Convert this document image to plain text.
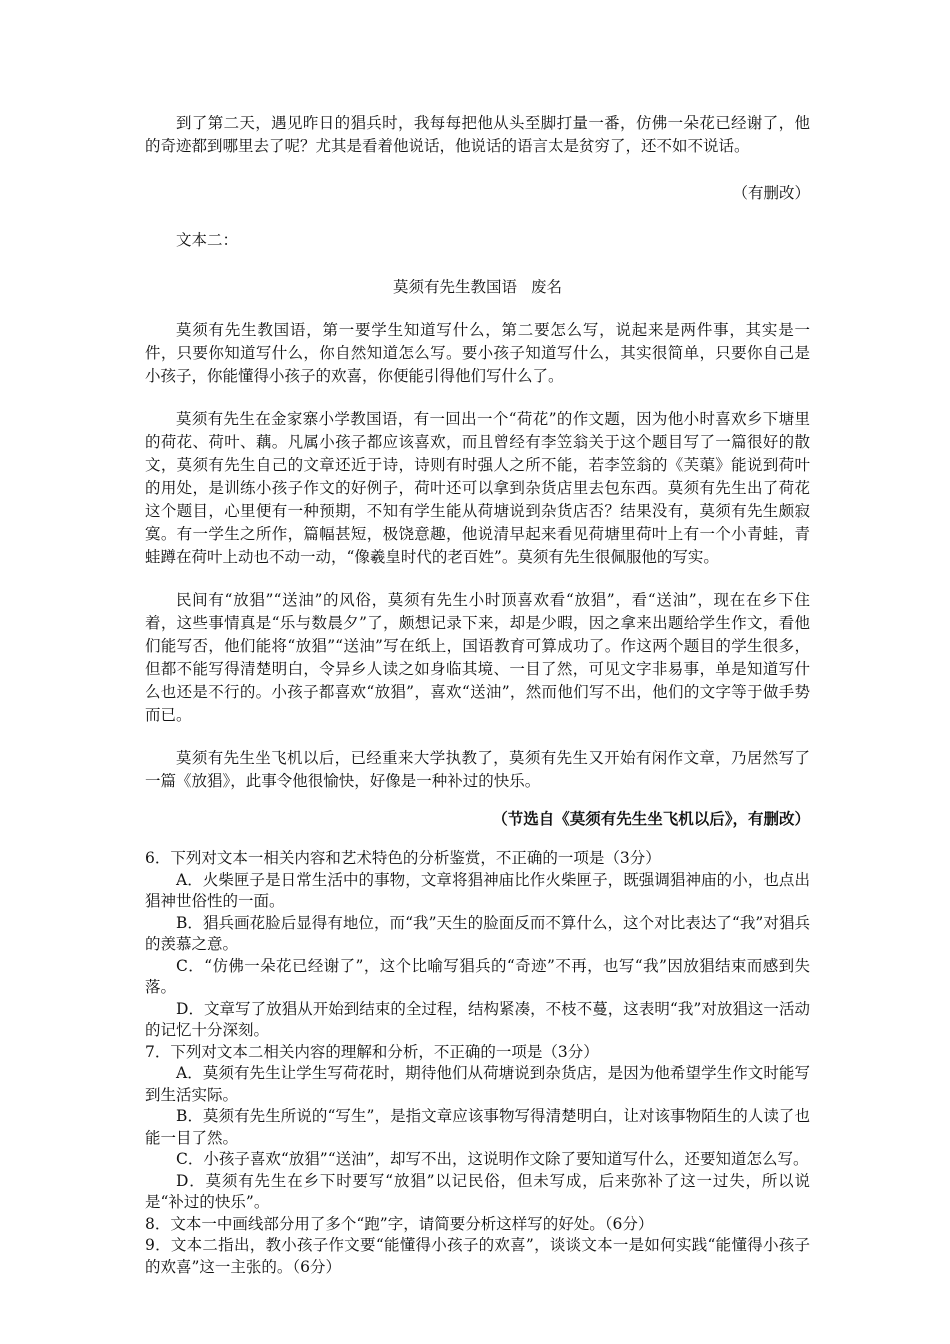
到了第二天，遇见昨日的猖兵时，我每每把他从头至脚打量一番，仿佛一朵花已经谢了，他的奇迹都到哪里去了呢？尤其是看着他说话，他说话的语言太是贫穷了，还不如不说话。

（有删改）

文本二：

莫须有先生教国语 废名

莫须有先生教国语，第一要学生知道写什么，第二要怎么写，说起来是两件事，其实是一件，只要你知道写什么，你自然知道怎么写。要小孩子知道写什么，其实很简单，只要你自己是小孩子，你能懂得小孩子的欢喜，你便能引得他们写什么了。

莫须有先生在金家寨小学教国语，有一回出一个“荷花”的作文题，因为他小时喜欢乡下塘里的荷花、荷叶、藕。凡属小孩子都应该喜欢，而且曾经有李笠翁关于这个题目写了一篇很好的散文，莫须有先生自己的文章还近于诗，诗则有时强人之所不能，若李笠翁的《芙蕖》能说到荷叶的用处，是训练小孩子作文的好例子，荷叶还可以拿到杂货店里去包东西。莫须有先生出了荷花这个题目，心里便有一种预期，不知有学生能从荷塘说到杂货店否？结果没有，莫须有先生颇寂寞。有一学生之所作，篇幅甚短，极饶意趣，他说清早起来看见荷塘里荷叶上有一个小青蛙，青蛙蹲在荷叶上动也不动一动，“像羲皇时代的老百姓”。莫须有先生很佩服他的写实。

民间有“放猖”“送油”的风俗，莫须有先生小时顶喜欢看“放猖”，看“送油”，现在在乡下住着，这些事情真是“乐与数晨夕”了，颇想记录下来，却是少暇，因之拿来出题给学生作文，看他们能写否，他们能将“放猖”“送油”写在纸上，国语教育可算成功了。作这两个题目的学生很多，但都不能写得清楚明白，令异乡人读之如身临其境、一目了然，可见文字非易事，单是知道写什么也还是不行的。小孩子都喜欢“放猖”，喜欢“送油”，然而他们写不出，他们的文字等于做手势而已。

莫须有先生坐飞机以后，已经重来大学执教了，莫须有先生又开始有闲作文章，乃居然写了一篇《放猖》，此事令他很愉快，好像是一种补过的快乐。

（节选自《莫须有先生坐飞机以后》，有删改）

6．下列对文本一相关内容和艺术特色的分析鉴赏，不正确的一项是（3分）

A．火柴匣子是日常生活中的事物，文章将猖神庙比作火柴匣子，既强调猖神庙的小，也点出猖神世俗性的一面。

B．猖兵画花脸后显得有地位，而“我”天生的脸面反而不算什么，这个对比表达了“我”对猖兵的羡慕之意。

C．“仿佛一朵花已经谢了”，这个比喻写猖兵的“奇迹”不再，也写“我”因放猖结束而感到失落。

D．文章写了放猖从开始到结束的全过程，结构紧凑，不枝不蔓，这表明“我”对放猖这一活动的记忆十分深刻。

7．下列对文本二相关内容的理解和分析，不正确的一项是（3分）

A．莫须有先生让学生写荷花时，期待他们从荷塘说到杂货店，是因为他希望学生作文时能写到生活实际。

B．莫须有先生所说的“写生”，是指文章应该事物写得清楚明白，让对该事物陌生的人读了也能一目了然。

C．小孩子喜欢“放猖”“送油”，却写不出，这说明作文除了要知道写什么，还要知道怎么写。

D．莫须有先生在乡下时要写“放猖”以记民俗，但未写成，后来弥补了这一过失，所以说是“补过的快乐”。

8．文本一中画线部分用了多个“跑”字，请简要分析这样写的好处。（6分）

9．文本二指出，教小孩子作文要“能懂得小孩子的欢喜”，谈谈文本一是如何实践“能懂得小孩子的欢喜”这一主张的。（6分）
